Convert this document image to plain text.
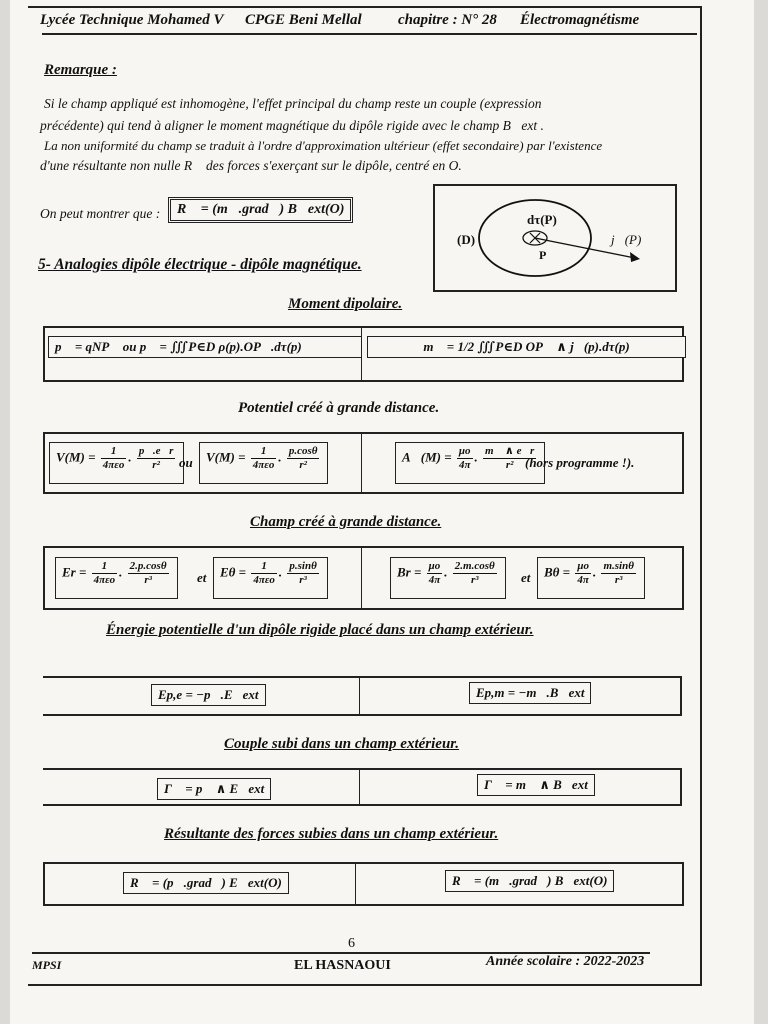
Lycée Technique Mohamed V CPGE Beni Mellal chapitre : N° 28 Électromagnétisme
Remarque :
Si le champ appliqué est inhomogène, l'effet principal du champ reste un couple (expression
précédente) qui tend à aligner le moment magnétique du dipôle rigide avec le champ B⃗ext .
La non uniformité du champ se traduit à l'ordre d'approximation ultérieur (effet secondaire) par l'existence
d'une résultante non nulle R⃗ des forces s'exerçant sur le dipôle, centré en O.
On peut montrer que :	R⃗ = (m⃗.grad⃗) B⃗ext(O)
(D)
dτ(P)
P
j⃗(P)
5- Analogies dipôle électrique - dipôle magnétique.
Moment dipolaire.
p⃗ = qNP⃗ ou p⃗ = ∭P∈D ρ(p).OP⃗.dτ(p)	m⃗ = 1/2 ∭P∈D OP⃗ ∧ j⃗(p).dτ(p)
Potentiel créé à grande distance.
$V(M) = \frac{1}{\text{4πεo}}$ . $\frac{p⃗.e⃗r}{\text{r²}}$ ou	$V(M) = \frac{1}{\text{4πεo}}$ . $\frac{p.\cos\theta}{\text{r²}}$	A⃗(M) = $\frac{\mu o}{4\pi}$ . $\frac{m⃗ \wedge e⃗r}{\text{r²}}$
(hors programme !).
Champ créé à grande distance.
$Er = \frac{1}{\text{4πεo}}$ . $\frac{2.p.\cos\theta}{\text{r³}}$ et	$E\theta = \frac{1}{\text{4πεo}}$ . $\frac{p.\sin\theta}{\text{r³}}$	$Br = \frac{\mu o}{4\pi}$ . $\frac{2.m.\cos\theta}{\text{r³}}$ et	$B\theta = \frac{\mu o}{4\pi}$ . $\frac{m.\sin\theta}{\text{r³}}$
Énergie potentielle d'un dipôle rigide placé dans un champ extérieur.
Ep,e = −p⃗.E⃗ext	Ep,m = −m⃗.B⃗ext
Couple subi dans un champ extérieur.
Γ⃗ = p⃗ ∧ E⃗ext	Γ⃗ = m⃗ ∧ B⃗ext
Résultante des forces subies dans un champ extérieur.
R⃗ = (p⃗.grad⃗) E⃗ext(O)	R⃗ = (m⃗.grad⃗) B⃗ext(O)
6
MPSI	EL HASNAOUI	Année scolaire : 2022-2023
